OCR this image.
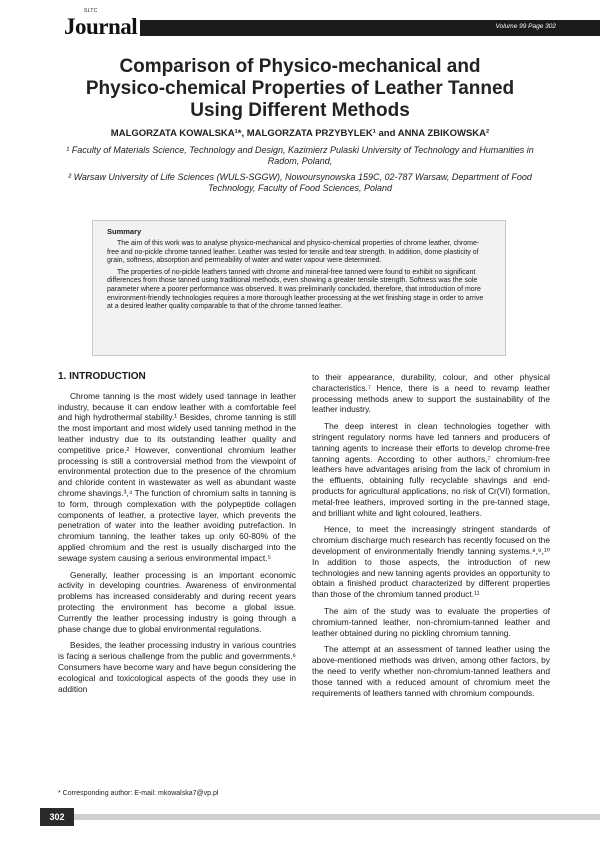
SLTC
Journal	Volume 99 Page 302
Comparison of Physico-mechanical and Physico-chemical Properties of Leather Tanned Using Different Methods
MALGORZATA KOWALSKA¹*, MALGORZATA PRZYBYLEK¹ and ANNA ZBIKOWSKA²
¹ Faculty of Materials Science, Technology and Design, Kazimierz Pulaski University of Technology and Humanities in Radom, Poland,
² Warsaw University of Life Sciences (WULS-SGGW), Nowoursynowska 159C, 02-787 Warsaw, Department of Food Technology, Faculty of Food Sciences, Poland
Summary

The aim of this work was to analyse physico-mechanical and physico-chemical properties of chrome leather, chrome-free and no-pickle chrome tanned leather. Leather was tested for tensile and tear strength. In addition, dome plasticity of grain, softness, absorption and permeability of water and water vapour were determined.

The properties of no-pickle leathers tanned with chrome and mineral-free tanned were found to exhibit no significant differences from those tanned using traditional methods, even showing a greater tensile strength. Softness was the sole parameter where a poorer performance was observed. It was preliminarily concluded, therefore, that introduction of more environment-friendly technologies requires a more thorough leather processing at the wet finishing stage in order to arrive at a desired leather quality comparable to that of the chrome tanned leather.

1. INTRODUCTION

Chrome tanning is the most widely used tannage in leather industry, because it can endow leather with a comfortable feel and high hydrothermal stability.¹ Besides, chrome tanning is still the most important and most widely used tanning method in the leather industry due to its outstanding leather quality and competitive price.² However, conventional chromium leather processing is still a controversial method from the viewpoint of environmental protection due to the presence of the chromium and chloride content in wastewater as well as abundant waste chrome shavings.³,⁴ The function of chromium salts in tanning is to form, through complexation with the polypeptide collagen components of leather, a protective layer, which prevents the penetration of water into the leather avoiding putrefaction. In chromium tanning, the leather takes up only 60-80% of the applied chromium and the rest is usually discharged into the sewage system causing a serious environmental impact.⁵

Generally, leather processing is an important economic activity in developing countries. Awareness of environmental problems has increased considerably and during recent years protecting the environment has become a global issue. Currently the leather processing industry is going through a phase change due to global environmental regulations.

Besides, the leather processing industry in various countries is facing a serious challenge from the public and governments.⁶ Consumers have become wary and have begun considering the ecological and toxicological aspects of the goods they use in addition

to their appearance, durability, colour, and other physical characteristics.⁷ Hence, there is a need to revamp leather processing methods anew to support the sustainability of the leather industry.

The deep interest in clean technologies together with stringent regulatory norms have led tanners and producers of tanning agents to increase their efforts to develop chrome-free tanning agents. According to other authors,⁷ chromium-free leathers have advantages arising from the lack of chromium in the effluents, obtaining fully recyclable shavings and end-products for agricultural applications, no risk of Cr(VI) formation, metal-free leathers, improved sorting in the pre-tanned stage, and brilliant white and light coloured, leathers.

Hence, to meet the increasingly stringent standards of chromium discharge much research has recently focused on the development of environmentally friendly tanning systems.⁸,⁹,¹⁰ In addition to those aspects, the introduction of new technologies and new tanning agents provides an opportunity to obtain a finished product characterized by different properties than those of the chromium tanned product.¹¹

The aim of the study was to evaluate the properties of chromium-tanned leather, non-chromium-tanned leather and leather obtained during no pickling chromium tanning.

The attempt at an assessment of tanned leather using the above-mentioned methods was driven, among other factors, by the need to verify whether non-chromium-tanned leathers and those tanned with a reduced amount of chromium meet the requirements of leathers tanned with chromium compounds.

* Corresponding author: E-mail: mkowalska7@vp.pl
302
